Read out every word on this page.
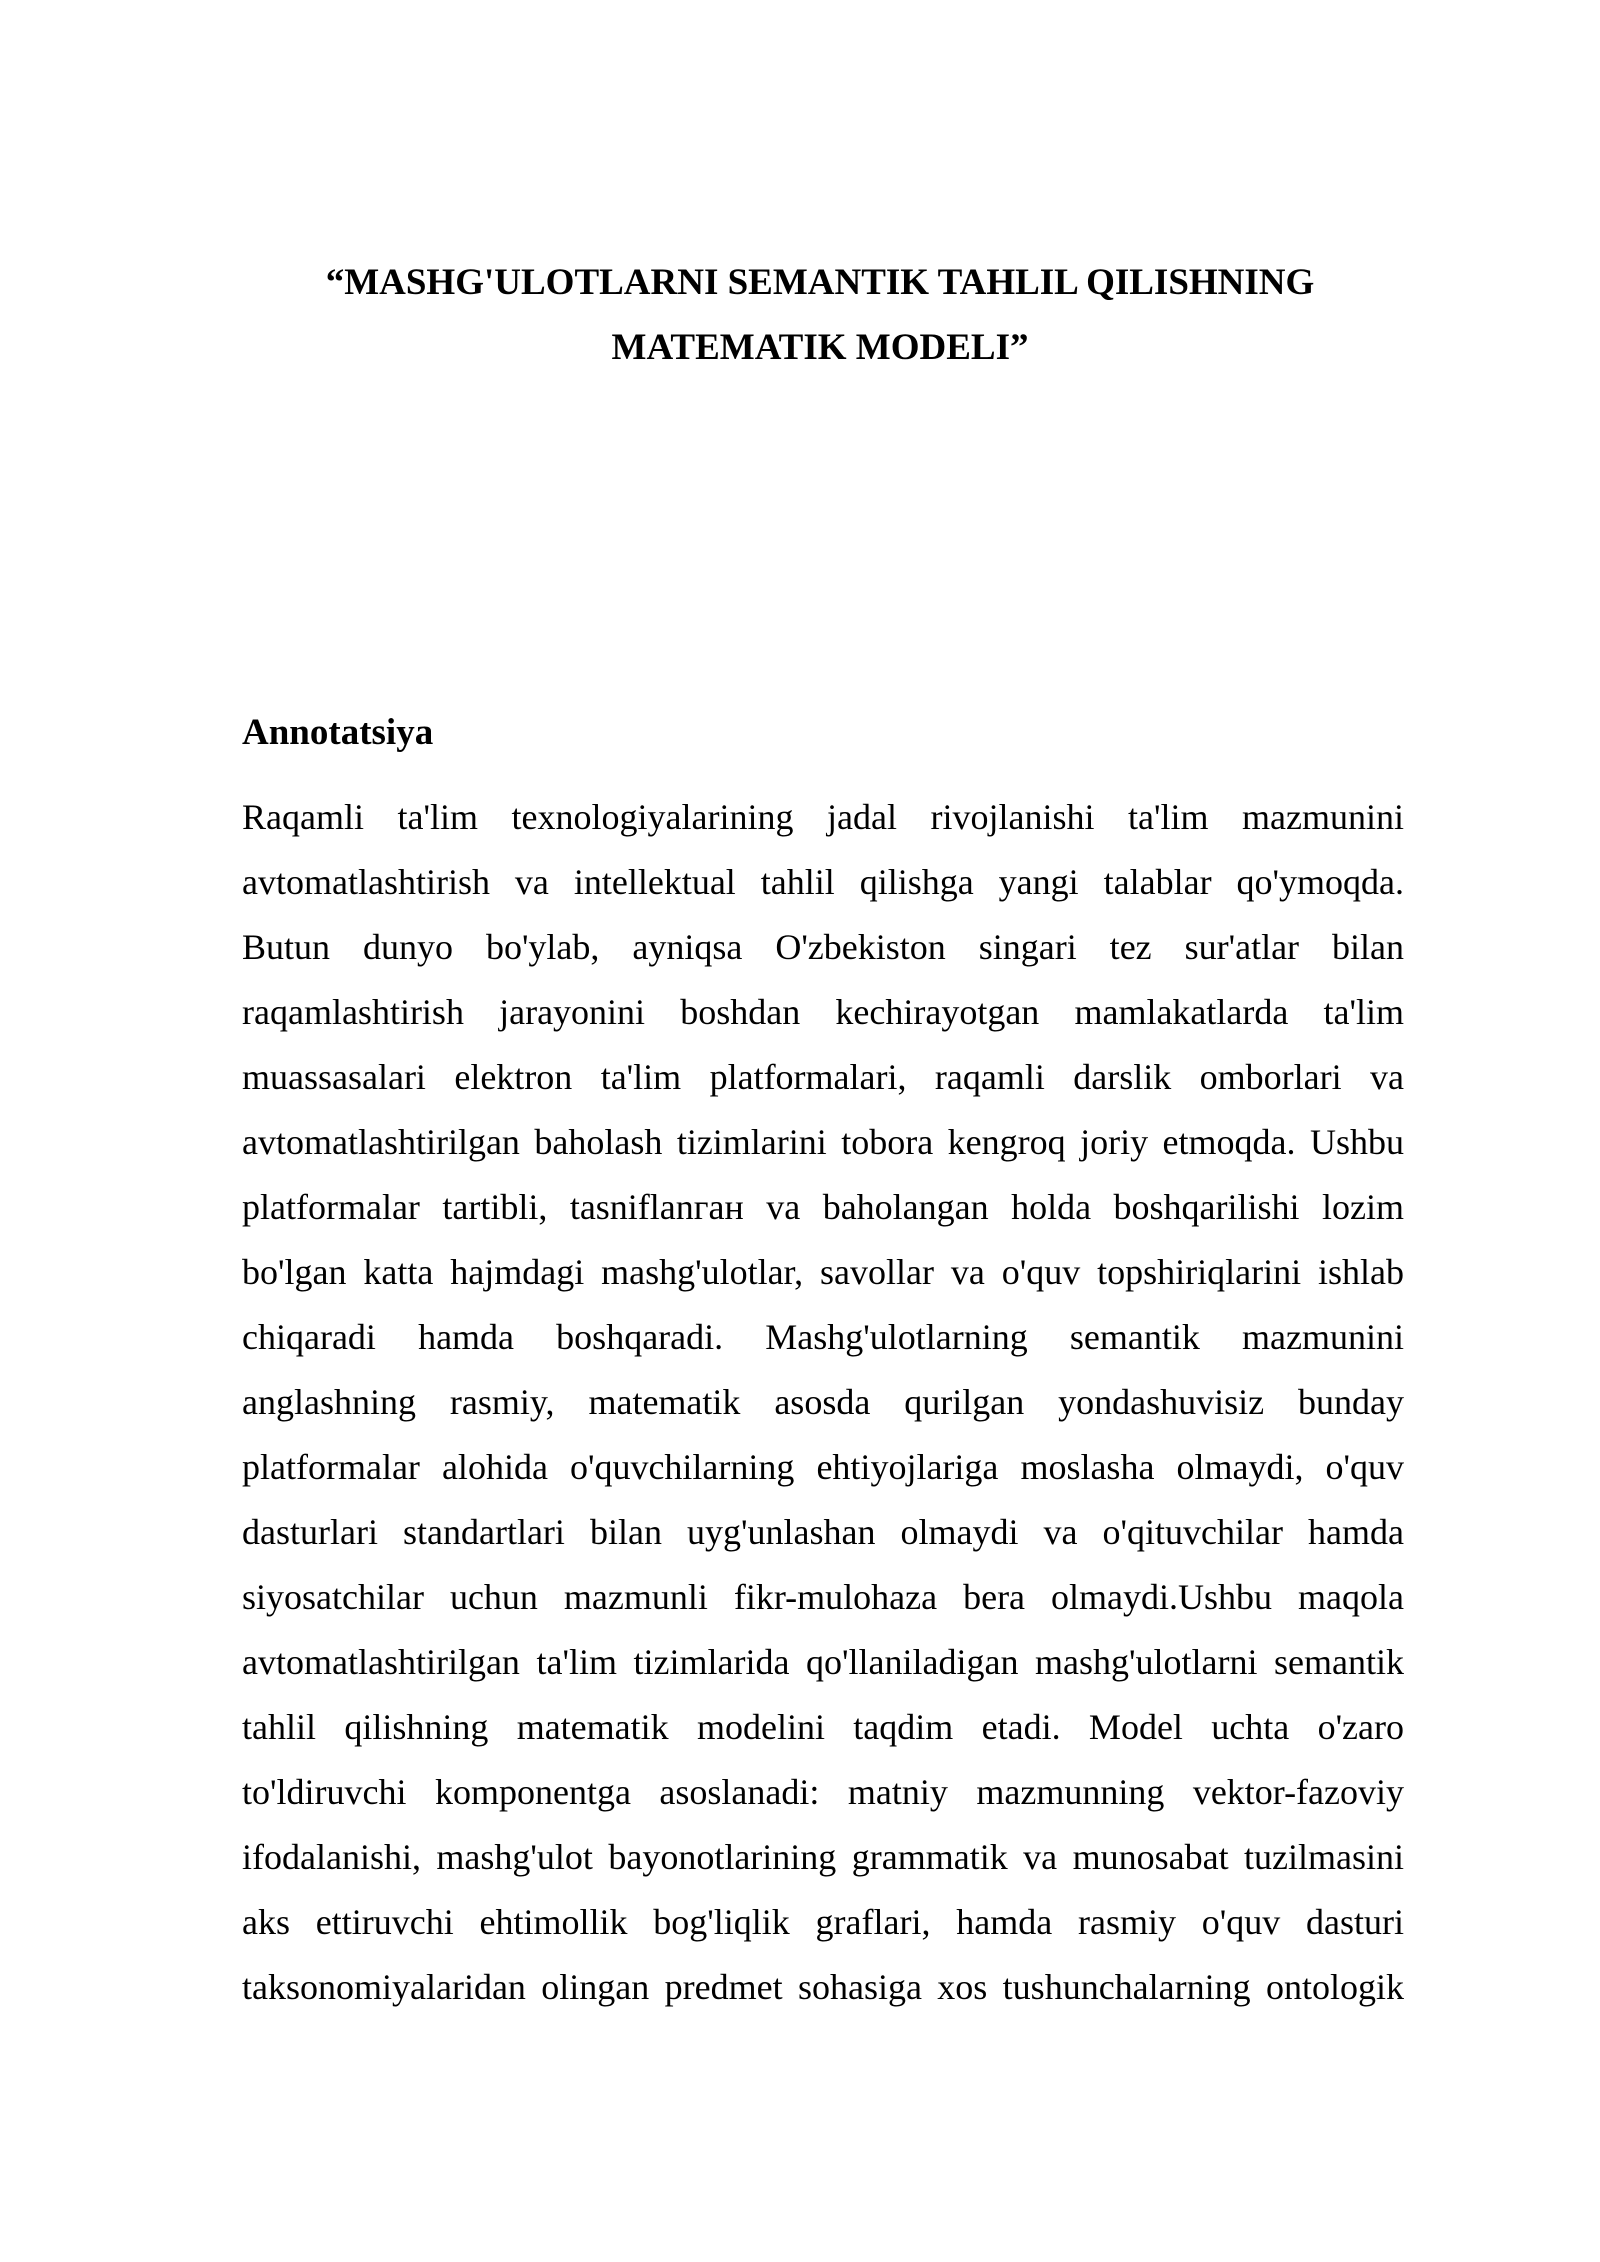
“MASHG'ULOTLARNI SEMANTIK TAHLIL QILISHNING
MATEMATIK MODELI”
Annotatsiya
Raqamli ta'lim texnologiyalarining jadal rivojlanishi ta'lim mazmunini
avtomatlashtirish va intellektual tahlil qilishga yangi talablar qo'ymoqda.
Butun dunyo bo'ylab, ayniqsa O'zbekiston singari tez sur'atlar bilan
raqamlashtirish jarayonini boshdan kechirayotgan mamlakatlarda ta'lim
muassasalari elektron ta'lim platformalari, raqamli darslik omborlari va
avtomatlashtirilgan baholash tizimlarini tobora kengroq joriy etmoqda. Ushbu
platformalar tartibli, tasniflanган va baholangan holda boshqarilishi lozim
bo'lgan katta hajmdagi mashg'ulotlar, savollar va o'quv topshiriqlarini ishlab
chiqaradi hamda boshqaradi. Mashg'ulotlarning semantik mazmunini
anglashning rasmiy, matematik asosda qurilgan yondashuvisiz bunday
platformalar alohida o'quvchilarning ehtiyojlariga moslasha olmaydi, o'quv
dasturlari standartlari bilan uyg'unlashan olmaydi va o'qituvchilar hamda
siyosatchilar uchun mazmunli fikr-mulohaza bera olmaydi.Ushbu maqola
avtomatlashtirilgan ta'lim tizimlarida qo'llaniladigan mashg'ulotlarni semantik
tahlil qilishning matematik modelini taqdim etadi. Model uchta o'zaro
to'ldiruvchi komponentga asoslanadi: matniy mazmunning vektor-fazoviy
ifodalanishi, mashg'ulot bayonotlarining grammatik va munosabat tuzilmasini
aks ettiruvchi ehtimollik bog'liqlik graflari, hamda rasmiy o'quv dasturi
taksonomiyalaridan olingan predmet sohasiga xos tushunchalarning ontologik
